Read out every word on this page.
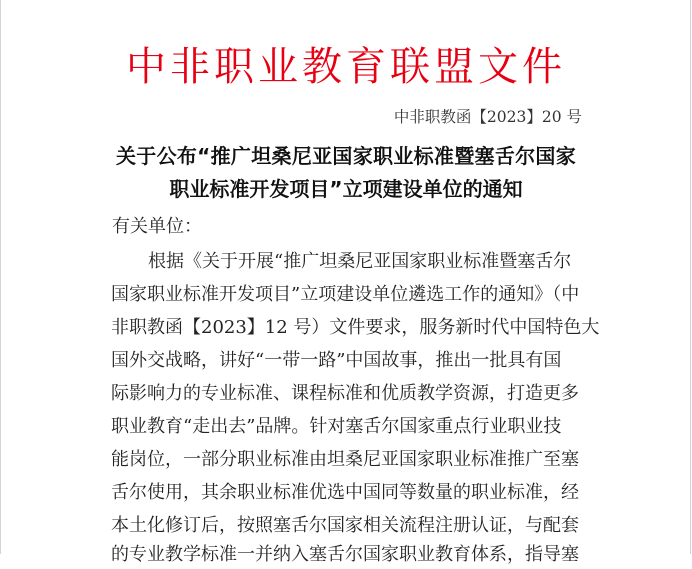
中非职业教育联盟文件
中非职教函【2023】20 号
关于公布“推广坦桑尼亚国家职业标准暨塞舌尔国家
职业标准开发项目”立项建设单位的通知
有关单位：
根据《关于开展“推广坦桑尼亚国家职业标准暨塞舌尔
国家职业标准开发项目”立项建设单位遴选工作的通知》（中
非职教函【2023】12 号）文件要求，服务新时代中国特色大
国外交战略，讲好“一带一路”中国故事，推出一批具有国
际影响力的专业标准、课程标准和优质教学资源，打造更多
职业教育“走出去”品牌。针对塞舌尔国家重点行业职业技
能岗位，一部分职业标准由坦桑尼亚国家职业标准推广至塞
舌尔使用，其余职业标准优选中国同等数量的职业标准，经
本土化修订后，按照塞舌尔国家相关流程注册认证，与配套
的专业教学标准一并纳入塞舌尔国家职业教育体系，指导塞
